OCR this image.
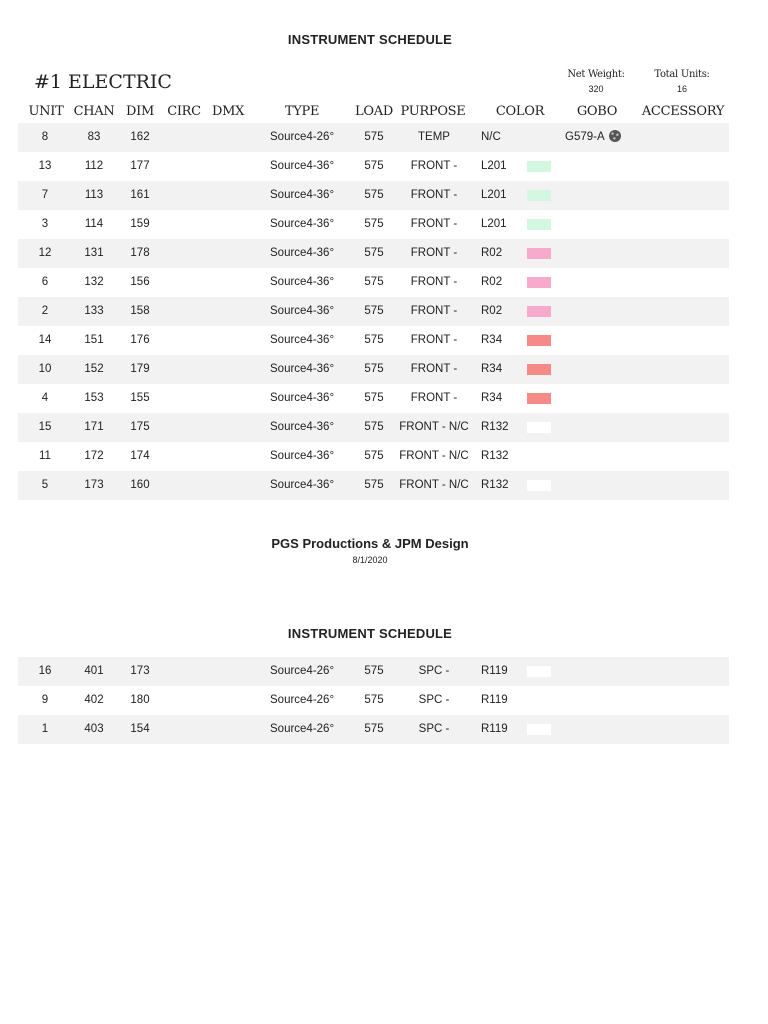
INSTRUMENT SCHEDULE
#1 ELECTRIC	Net Weight:
320
Total Units:
16
UNIT CHAN DIM	CIRC DMX	TYPE	LOAD PURPOSE	COLOR	GOBO	ACCESSORY
8	83	162	Source4-26°	575	TEMP	N/C	G579-A
13	112	177	Source4-36°	575	FRONT -	L201
7	113	161	Source4-36°	575	FRONT -	L201
3	114	159	Source4-36°	575	FRONT -	L201
12	131	178	Source4-36°	575	FRONT -	R02
6	132	156	Source4-36°	575	FRONT -	R02
2	133	158	Source4-36°	575	FRONT -	R02
14	151	176	Source4-36°	575	FRONT -	R34
10	152	179	Source4-36°	575	FRONT -	R34
4	153	155	Source4-36°	575	FRONT -	R34
15	171	175	Source4-36°	575	FRONT - N/C	R132
11	172	174	Source4-36°	575	FRONT - N/C	R132
5	173	160	Source4-36°	575	FRONT - N/C	R132
PGS Productions & JPM Design
8/1/2020
INSTRUMENT SCHEDULE
16	401	173	Source4-26°	575	SPC -	R119
9	402	180	Source4-26°	575	SPC -	R119
1	403	154	Source4-26°	575	SPC -	R119
